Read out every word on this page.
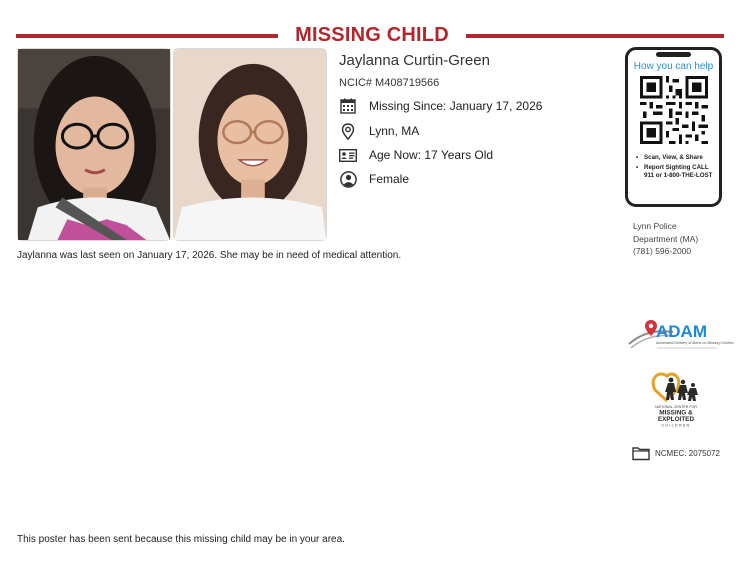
MISSING CHILD
Jaylanna Curtin-Green
NCIC# M408719566
Missing Since: January 17, 2026
Lynn, MA
Age Now: 17 Years Old
Female
Jaylanna was last seen on January 17, 2026. She may be in need of medical attention.
How you can help
• Scan, View, & Share
• Report Sighting CALL 911 or 1-800-THE-LOST
Lynn Police
Department (MA)
(781) 596-2000
ADAM
Automated Delivery of Alerts on Missing Children
NATIONAL CENTER FOR
MISSING &
EXPLOITED
CHILDREN
NCMEC: 2075072
This poster has been sent because this missing child may be in your area.
